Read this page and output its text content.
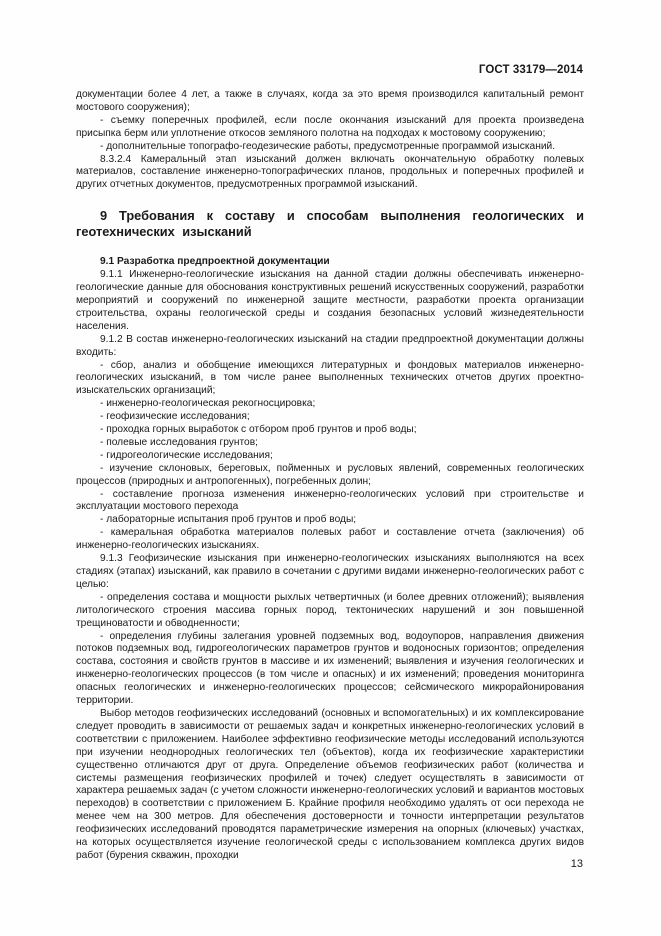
ГОСТ 33179—2014

документации более 4 лет, а также в случаях, когда за это время производился капитальный ремонт мостового сооружения);

- съемку поперечных профилей, если после окончания изысканий для проекта произведена присыпка берм или уплотнение откосов земляного полотна на подходах к мостовому сооружению;

- дополнительные топографо-геодезические работы, предусмотренные программой изысканий.

8.3.2.4 Камеральный этап изысканий должен включать окончательную обработку полевых материалов, составление инженерно-топографических планов, продольных и поперечных профилей и других отчетных документов, предусмотренных программой изысканий.

9 Требования к составу и способам выполнения геологических и геотехнических изысканий

9.1 Разработка предпроектной документации

9.1.1 Инженерно-геологические изыскания на данной стадии должны обеспечивать инженерно-геологические данные для обоснования конструктивных решений искусственных сооружений, разработки мероприятий и сооружений по инженерной защите местности, разработки проекта организации строительства, охраны геологической среды и создания безопасных условий жизнедеятельности населения.

9.1.2 В состав инженерно-геологических изысканий на стадии предпроектной документации должны входить:

- сбор, анализ и обобщение имеющихся литературных и фондовых материалов инженерно-геологических изысканий, в том числе ранее выполненных технических отчетов других проектно-изыскательских организаций;

- инженерно-геологическая рекогносцировка;

- геофизические исследования;

- проходка горных выработок с отбором проб грунтов и проб воды;

- полевые исследования грунтов;

- гидрогеологические исследования;

- изучение склоновых, береговых, пойменных и русловых явлений, современных геологических процессов (природных и антропогенных), погребенных долин;

- составление прогноза изменения инженерно-геологических условий при строительстве и эксплуатации мостового перехода

- лабораторные испытания проб грунтов и проб воды;

- камеральная обработка материалов полевых работ и составление отчета (заключения) об инженерно-геологических изысканиях.

9.1.3 Геофизические изыскания при инженерно-геологических изысканиях выполняются на всех стадиях (этапах) изысканий, как правило в сочетании с другими видами инженерно-геологических работ с целью:

- определения состава и мощности рыхлых четвертичных (и более древних отложений); выявления литологического строения массива горных пород, тектонических нарушений и зон повышенной трещиноватости и обводненности;

- определения глубины залегания уровней подземных вод, водоупоров, направления движения потоков подземных вод, гидрогеологических параметров грунтов и водоносных горизонтов; определения состава, состояния и свойств грунтов в массиве и их изменений; выявления и изучения геологических и инженерно-геологических процессов (в том числе и опасных) и их изменений; проведения мониторинга опасных геологических и инженерно-геологических процессов; сейсмического микрорайонирования территории.

Выбор методов геофизических исследований (основных и вспомогательных) и их комплексирование следует проводить в зависимости от решаемых задач и конкретных инженерно-геологических условий в соответствии с приложением. Наиболее эффективно геофизические методы исследований используются при изучении неоднородных геологических тел (объектов), когда их геофизические характеристики существенно отличаются друг от друга. Определение объемов геофизических работ (количества и системы размещения геофизических профилей и точек) следует осуществлять в зависимости от характера решаемых задач (с учетом сложности инженерно-геологических условий и вариантов мостовых переходов) в соответствии с приложением Б. Крайние профиля необходимо удалять от оси перехода не менее чем на 300 метров. Для обеспечения достоверности и точности интерпретации результатов геофизических исследований проводятся параметрические измерения на опорных (ключевых) участках, на которых осуществляется изучение геологической среды с использованием комплекса других видов работ (бурения скважин, проходки

13
